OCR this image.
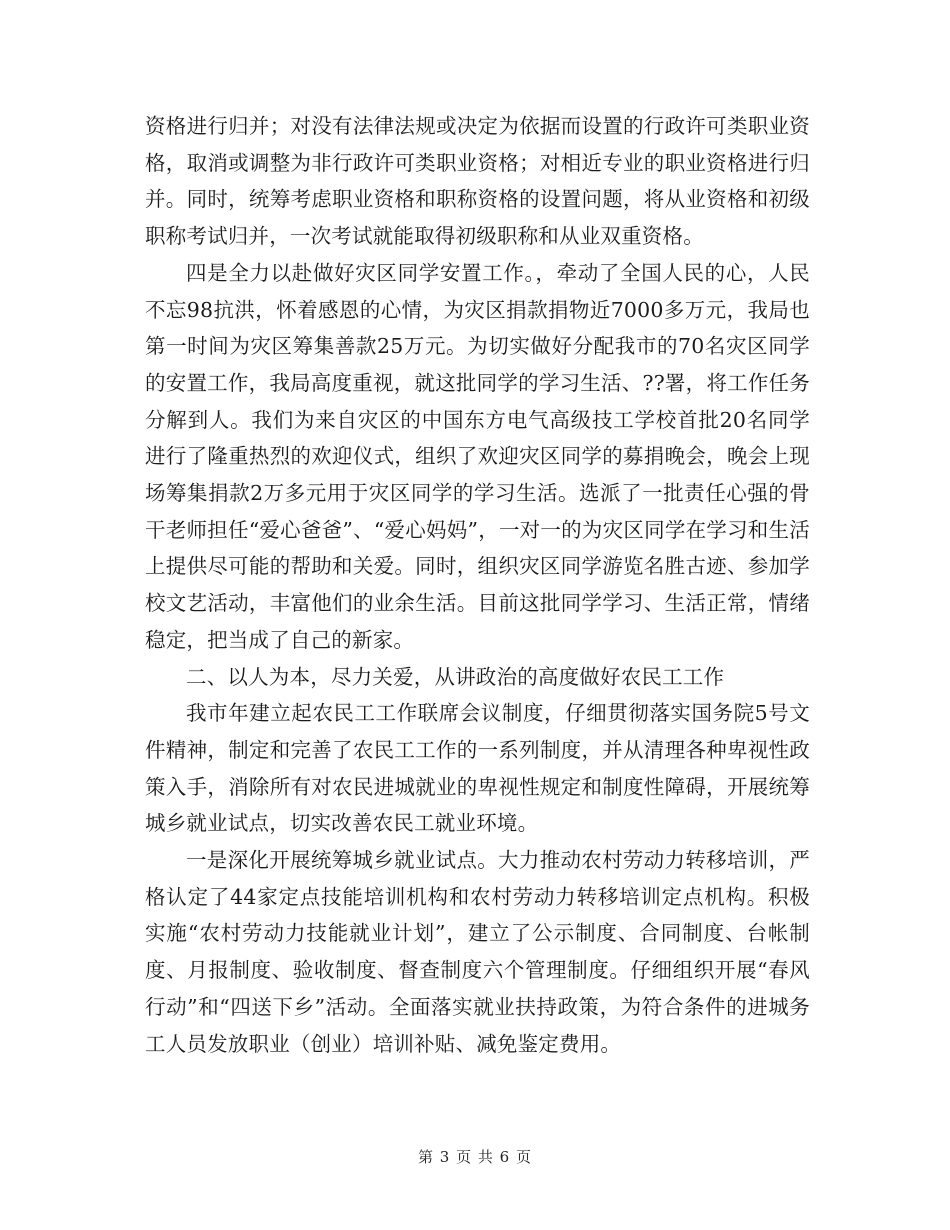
资格进行归并；对没有法律法规或决定为依据而设置的行政许可类职业资格，取消或调整为非行政许可类职业资格；对相近专业的职业资格进行归并。同时，统筹考虑职业资格和职称资格的设置问题，将从业资格和初级职称考试归并，一次考试就能取得初级职称和从业双重资格。

四是全力以赴做好灾区同学安置工作。，牵动了全国人民的心，人民不忘98抗洪，怀着感恩的心情，为灾区捐款捐物近7000多万元，我局也第一时间为灾区筹集善款25万元。为切实做好分配我市的70名灾区同学的安置工作，我局高度重视，就这批同学的学习生活、??署，将工作任务分解到人。我们为来自灾区的中国东方电气高级技工学校首批20名同学进行了隆重热烈的欢迎仪式，组织了欢迎灾区同学的募捐晚会，晚会上现场筹集捐款2万多元用于灾区同学的学习生活。选派了一批责任心强的骨干老师担任“爱心爸爸”、“爱心妈妈”，一对一的为灾区同学在学习和生活上提供尽可能的帮助和关爱。同时，组织灾区同学游览名胜古迹、参加学校文艺活动，丰富他们的业余生活。目前这批同学学习、生活正常，情绪稳定，把当成了自己的新家。

二、以人为本，尽力关爱，从讲政治的高度做好农民工工作

我市年建立起农民工工作联席会议制度，仔细贯彻落实国务院5号文件精神，制定和完善了农民工工作的一系列制度，并从清理各种卑视性政策入手，消除所有对农民进城就业的卑视性规定和制度性障碍，开展统筹城乡就业试点，切实改善农民工就业环境。

一是深化开展统筹城乡就业试点。大力推动农村劳动力转移培训，严格认定了44家定点技能培训机构和农村劳动力转移培训定点机构。积极实施“农村劳动力技能就业计划”，建立了公示制度、合同制度、台帐制度、月报制度、验收制度、督查制度六个管理制度。仔细组织开展“春风行动”和“四送下乡”活动。全面落实就业扶持政策，为符合条件的进城务工人员发放职业（创业）培训补贴、减免鉴定费用。

第 3 页 共 6 页
